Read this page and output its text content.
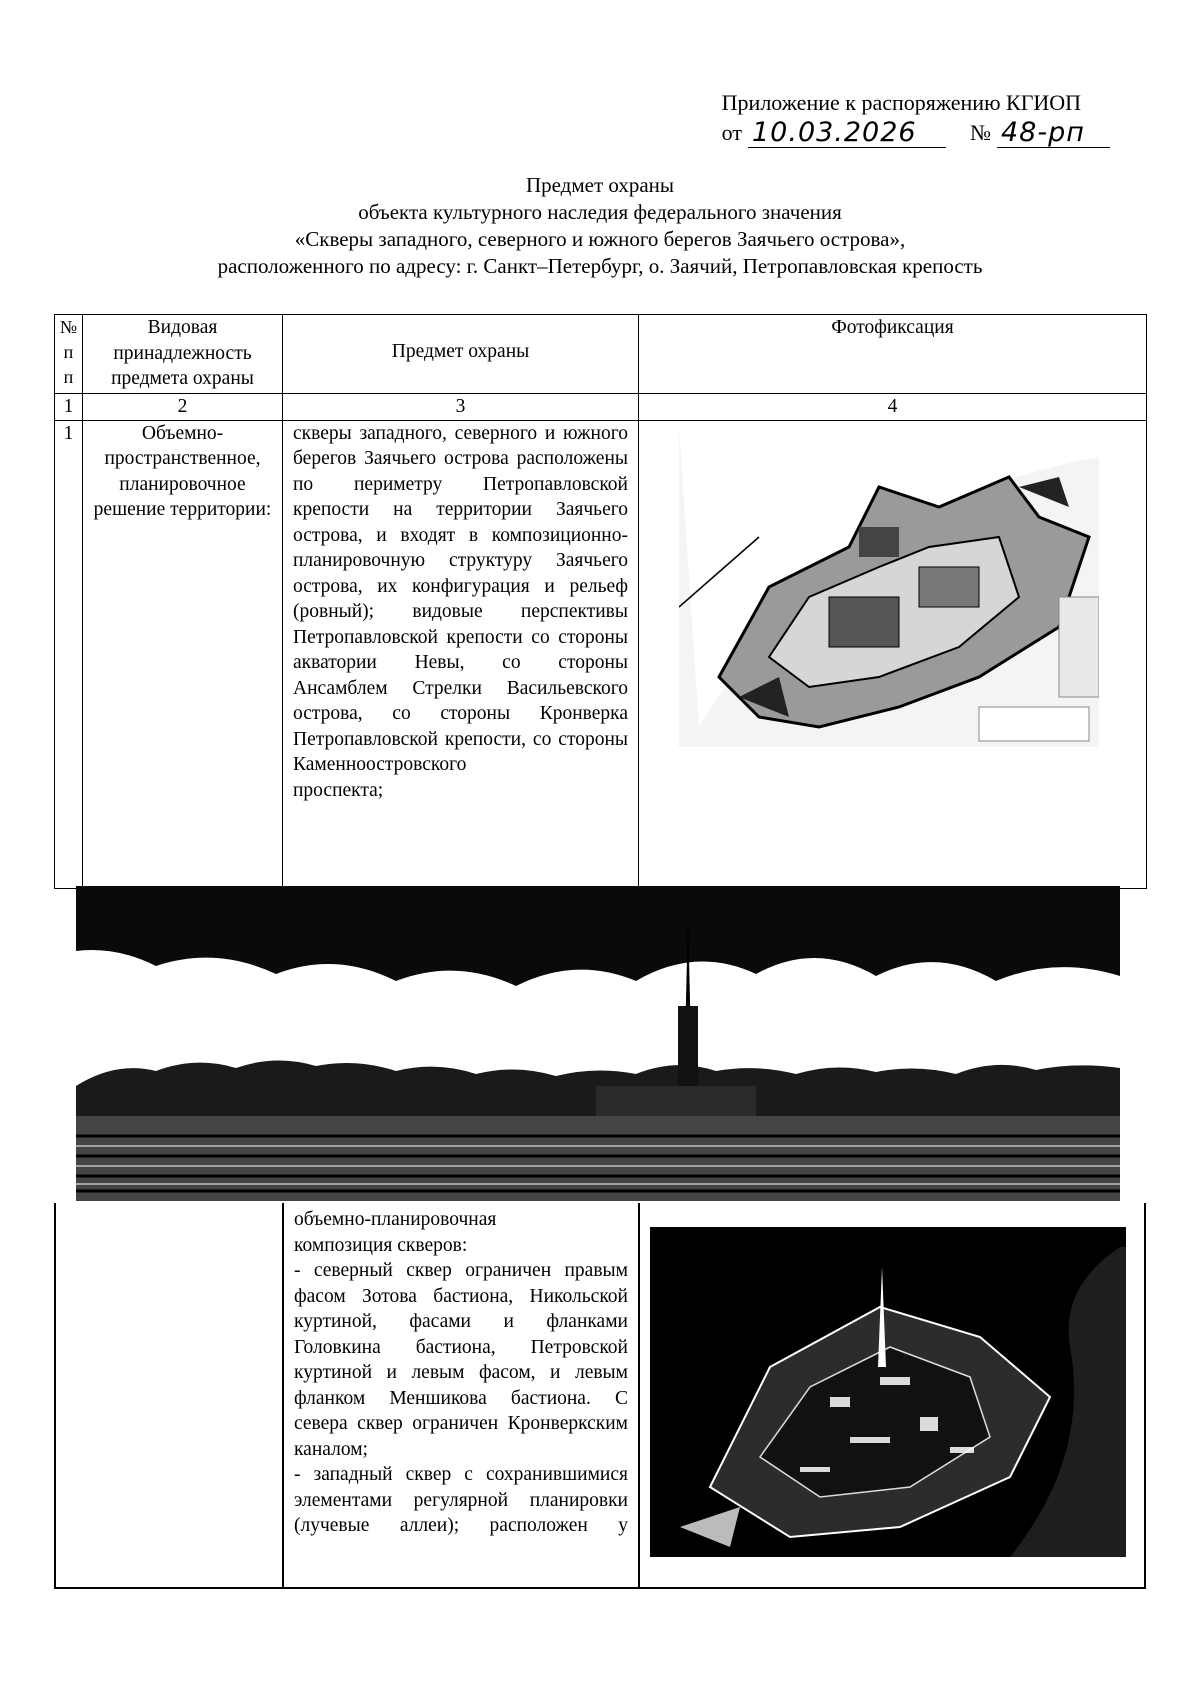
Приложение к распоряжению КГИОП
от 10.03.2026	№ 48-рп
Предмет охраны
объекта культурного наследия федерального значения
«Скверы западного, северного и южного берегов Заячьего острова»,
расположенного по адресу: г. Санкт–Петербург, о. Заячий, Петропавловская крепость
№
п
п	Видовая принадлежность предмета охраны	Предмет охраны	Фотофиксация
1	2	3	4
1	Объемно-пространственное, планировочное решение территории:	скверы западного, северного и южного берегов Заячьего острова расположены по периметру Петропавловской крепости на территории Заячьего острова, и входят в композиционно-планировочную структуру Заячьего острова, их конфигурация и рельеф (ровный); видовые перспективы Петропавловской крепости со стороны акватории Невы, со стороны Ансамблем Стрелки Васильевского острова, со стороны Кронверка Петропавловской крепости, со стороны Каменноостровского
проспекта;

объемно-планировочная

композиция скверов:

- северный сквер ограничен правым фасом Зотова бастиона, Никольской куртиной, фасами и фланками Головкина бастиона, Петровской куртиной и левым фасом, и левым фланком Меншикова бастиона. С севера сквер ограничен Кронверкским каналом;

- западный сквер с сохранившимися элементами регулярной планировки (лучевые аллеи); расположен у
